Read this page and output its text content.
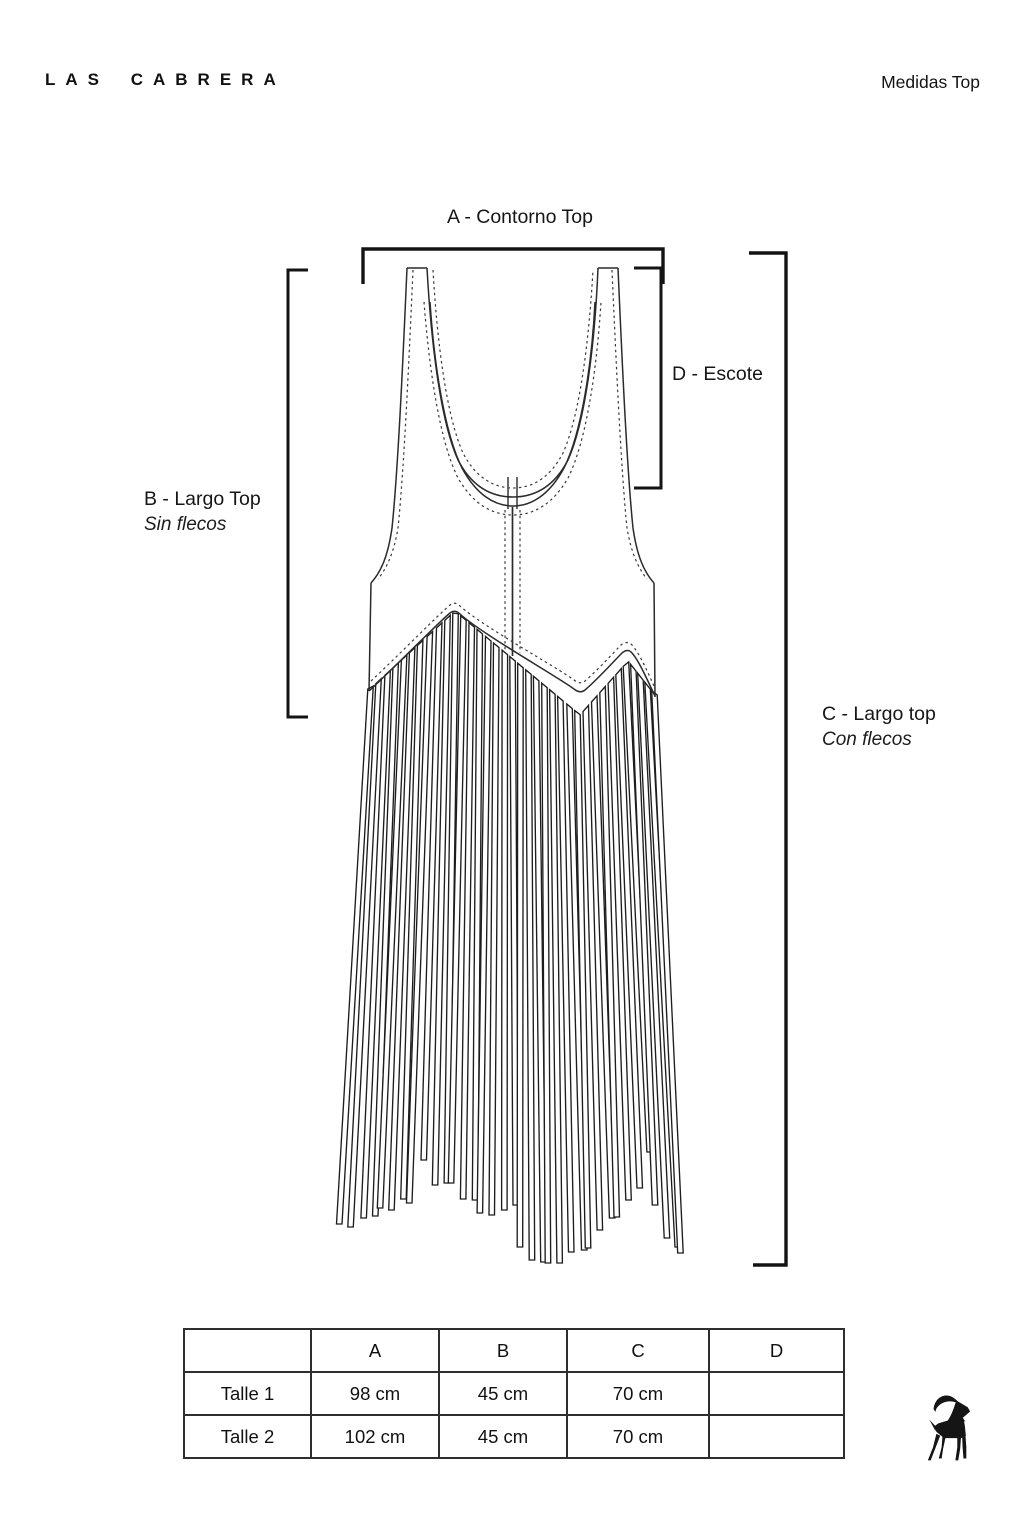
LAS CABRERA	Medidas Top
A - Contorno Top
D - Escote
B - Largo Top
Sin flecos
C - Largo top
Con flecos
	A	B	C	D
Talle 1	98 cm	45 cm	70 cm	
Talle 2	102 cm	45 cm	70 cm	
